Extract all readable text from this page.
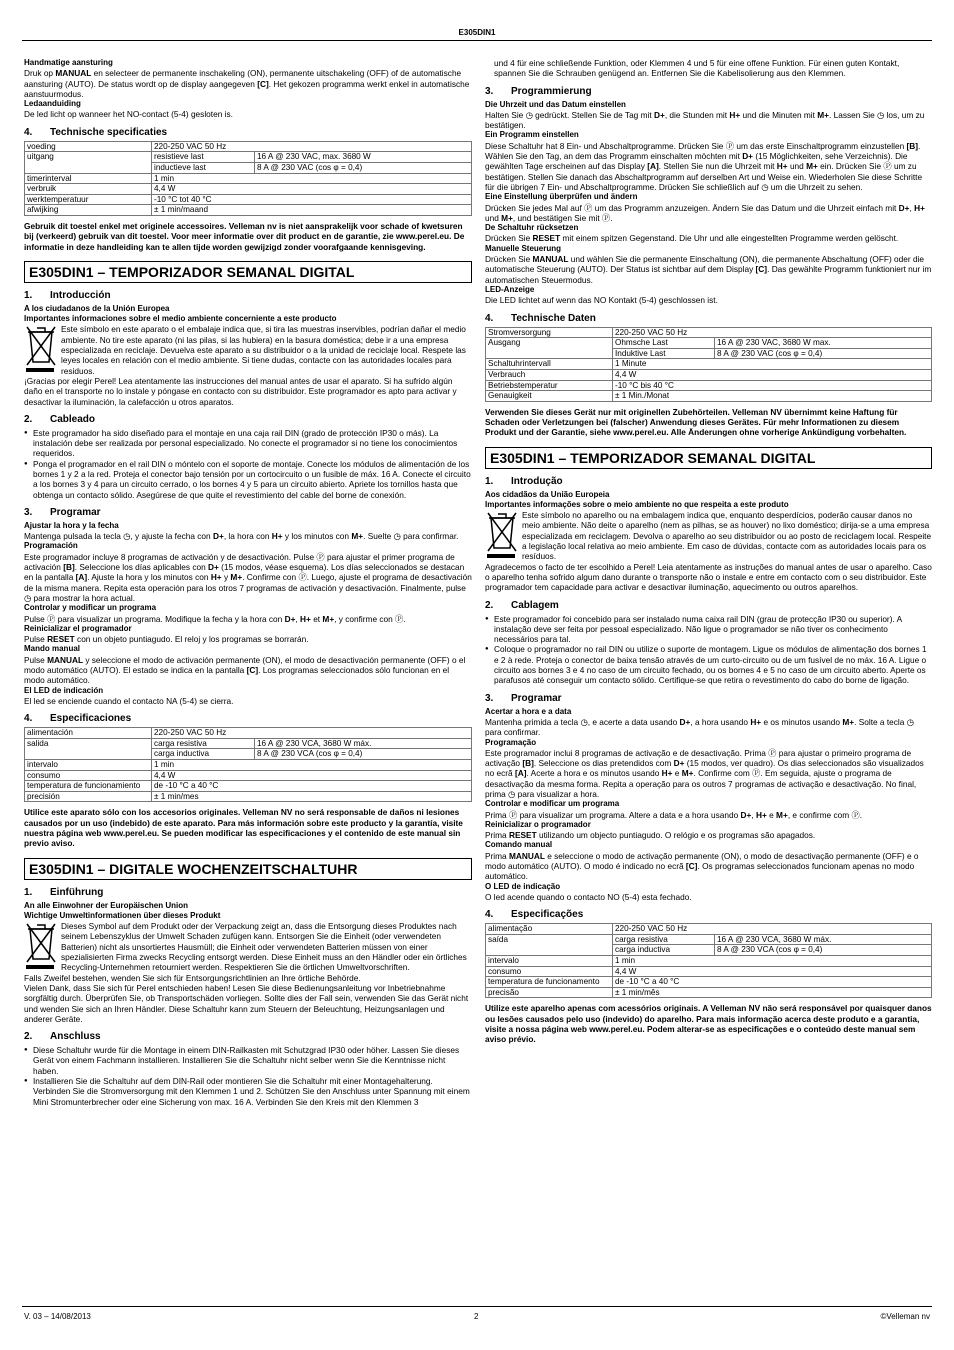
E305DIN1

Handmatige aansturing

Druk op MANUAL en selecteer de permanente inschakeling (ON), permanente uitschakeling (OFF) of de automatische aansturing (AUTO). De status wordt op de display aangegeven [C]. Het gekozen programma werkt enkel in automatische aanstuurmodus.

Ledaanduiding

De led licht op wanneer het NO-contact (5-4) gesloten is.

4. Technische specificaties
voeding	220-250 VAC 50 Hz	
uitgang	resistieve last	16 A @ 230 VAC, max. 3680 W
	inductieve last	8 A @ 230 VAC (cos φ = 0,4)
timerinterval	1 min	
verbruik	4,4 W	
werktemperatuur	-10 °C tot 40 °C	
afwijking	± 1 min/maand	

Gebruik dit toestel enkel met originele accessoires. Velleman nv is niet aansprakelijk voor schade of kwetsuren bij (verkeerd) gebruik van dit toestel. Voor meer informatie over dit product en de garantie, zie www.perel.eu. De informatie in deze handleiding kan te allen tijde worden gewijzigd zonder voorafgaande kennisgeving.

E305DIN1 – TEMPORIZADOR SEMANAL DIGITAL
1. Introducción

A los ciudadanos de la Unión Europea

Importantes informaciones sobre el medio ambiente concerniente a este producto

Este símbolo en este aparato o el embalaje indica que, si tira las muestras inservibles, podrían dañar el medio ambiente. No tire este aparato (ni las pilas, si las hubiera) en la basura doméstica; debe ir a una empresa especializada en reciclaje. Devuelva este aparato a su distribuidor o a la unidad de reciclaje local. Respete las leyes locales en relación con el medio ambiente. Si tiene dudas, contacte con las autoridades locales para residuos.

¡Gracias por elegir Perel! Lea atentamente las instrucciones del manual antes de usar el aparato. Si ha sufrido algún daño en el transporte no lo instale y póngase en contacto con su distribuidor. Este programador es apto para activar y desactivar la iluminación, la calefacción u otros aparatos.

2. Cableado
● Este programador ha sido diseñado para el montaje en una caja rail DIN (grado de protección IP30 o más). La instalación debe ser realizada por personal especializado. No conecte el programador si no tiene los conocimientos requeridos.
● Ponga el programador en el rail DIN o móntelo con el soporte de montaje. Conecte los módulos de alimentación de los bornes 1 y 2 a la red. Proteja el conector bajo tensión por un cortocircuito o un fusible de máx. 16 A. Conecte el circuito a los bornes 3 y 4 para un circuito cerrado, o los bornes 4 y 5 para un circuito abierto. Apriete los tornillos hasta que obtenga un contacto sólido. Asegúrese de que quite el revestimiento del cable del borne de conexión.
3. Programar

Ajustar la hora y la fecha

Mantenga pulsada la tecla ◷, y ajuste la fecha con D+, la hora con H+ y los minutos con M+. Suelte ◷ para confirmar.

Programación

Este programador incluye 8 programas de activación y de desactivación. Pulse Ⓟ para ajustar el primer programa de activación [B]. Seleccione los días aplicables con D+ (15 modos, véase esquema). Los días seleccionados se destacan en la pantalla [A]. Ajuste la hora y los minutos con H+ y M+. Confirme con Ⓟ. Luego, ajuste el programa de desactivación de la misma manera. Repita esta operación para los otros 7 programas de activación y desactivación. Finalmente, pulse ◷ para mostrar la hora actual.

Controlar y modificar un programa

Pulse Ⓟ para visualizar un programa. Modifique la fecha y la hora con D+, H+ et M+, y confirme con Ⓟ.

Reinicializar el programador

Pulse RESET con un objeto puntiagudo. El reloj y los programas se borrarán.

Mando manual

Pulse MANUAL y seleccione el modo de activación permanente (ON), el modo de desactivación permanente (OFF) o el modo automático (AUTO). El estado se indica en la pantalla [C]. Los programas seleccionados sólo funcionan en el modo automático.

El LED de indicación

El led se enciende cuando el contacto NA (5-4) se cierra.

4. Especificaciones
alimentación	220-250 VAC 50 Hz	
salida	carga resistiva	16 A @ 230 VCA, 3680 W máx.
	carga inductiva	8 A @ 230 VCA (cos φ = 0,4)
intervalo	1 min	
consumo	4,4 W	
temperatura de funcionamiento	de -10 °C a 40 °C	
precisión	± 1 min/mes	

Utilice este aparato sólo con los accesorios originales. Velleman NV no será responsable de daños ni lesiones causados por un uso (indebido) de este aparato. Para más información sobre este producto y la garantía, visite nuestra página web www.perel.eu. Se pueden modificar las especificaciones y el contenido de este manual sin previo aviso.

E305DIN1 – DIGITALE WOCHENZEITSCHALTUHR
1. Einführung

An alle Einwohner der Europäischen Union

Wichtige Umweltinformationen über dieses Produkt

Dieses Symbol auf dem Produkt oder der Verpackung zeigt an, dass die Entsorgung dieses Produktes nach seinem Lebenszyklus der Umwelt Schaden zufügen kann. Entsorgen Sie die Einheit (oder verwendeten Batterien) nicht als unsortiertes Hausmüll; die Einheit oder verwendeten Batterien müssen von einer spezialisierten Firma zwecks Recycling entsorgt werden. Diese Einheit muss an den Händler oder ein örtliches Recycling-Unternehmen retourniert werden. Respektieren Sie die örtlichen Umweltvorschriften.

Falls Zweifel bestehen, wenden Sie sich für Entsorgungsrichtlinien an Ihre örtliche Behörde.

Vielen Dank, dass Sie sich für Perel entschieden haben! Lesen Sie diese Bedienungsanleitung vor Inbetriebnahme sorgfältig durch. Überprüfen Sie, ob Transportschäden vorliegen. Sollte dies der Fall sein, verwenden Sie das Gerät nicht und wenden Sie sich an Ihren Händler. Diese Schaltuhr kann zum Steuern der Beleuchtung, Heizungsanlagen und anderer Geräte.

2. Anschluss
● Diese Schaltuhr wurde für die Montage in einem DIN-Railkasten mit Schutzgrad IP30 oder höher. Lassen Sie dieses Gerät von einem Fachmann installieren. Installieren Sie die Schaltuhr nicht selber wenn Sie die Kenntnisse nicht haben.
● Installieren Sie die Schaltuhr auf dem DIN-Rail oder montieren Sie die Schaltuhr mit einer Montagehalterung. Verbinden Sie die Stromversorgung mit den Klemmen 1 und 2. Schützen Sie den Anschluss unter Spannung mit einem Mini Stromunterbrecher oder eine Sicherung von max. 16 A. Verbinden Sie den Kreis mit den Klemmen 3

und 4 für eine schließende Funktion, oder Klemmen 4 und 5 für eine offene Funktion. Für einen guten Kontakt, spannen Sie die Schrauben genügend an. Entfernen Sie die Kabelisolierung aus den Klemmen.

3. Programmierung

Die Uhrzeit und das Datum einstellen

Halten Sie ◷ gedrückt. Stellen Sie de Tag mit D+, die Stunden mit H+ und die Minuten mit M+. Lassen Sie ◷ los, um zu bestätigen.

Ein Programm einstellen

Diese Schaltuhr hat 8 Ein- und Abschaltprogramme. Drücken Sie Ⓟ um das erste Einschaltprogramm einzustellen [B]. Wählen Sie den Tag, an dem das Programm einschalten möchten mit D+ (15 Möglichkeiten, sehe Verzeichnis). Die gewählten Tage erscheinen auf das Display [A]. Stellen Sie nun die Uhrzeit mit H+ und M+ ein. Drücken Sie Ⓟ um zu bestätigen. Stellen Sie danach das Abschaltprogramm auf derselben Art und Weise ein. Wiederholen Sie diese Schritte für die übrigen 7 Ein- und Abschaltprogramme. Drücken Sie schließlich auf ◷ um die Uhrzeit zu sehen.

Eine Einstellung überprüfen und ändern

Drücken Sie jedes Mal auf Ⓟ um das Programm anzuzeigen. Ändern Sie das Datum und die Uhrzeit einfach mit D+, H+ und M+, und bestätigen Sie mit Ⓟ.

De Schaltuhr rücksetzen

Drücken Sie RESET mit einem spitzen Gegenstand. Die Uhr und alle eingestellten Programme werden gelöscht.

Manuelle Steuerung

Drücken Sie MANUAL und wählen Sie die permanente Einschaltung (ON), die permanente Abschaltung (OFF) oder die automatische Steuerung (AUTO). Der Status ist sichtbar auf dem Display [C]. Das gewählte Programm funktioniert nur im automatischen Steuermodus.

LED-Anzeige

Die LED lichtet auf wenn das NO Kontakt (5-4) geschlossen ist.

4. Technische Daten
Stromversorgung	220-250 VAC 50 Hz	
Ausgang	Ohmsche Last	16 A @ 230 VAC, 3680 W max.
	Induktive Last	8 A @ 230 VAC (cos φ = 0,4)
Schaltuhrintervall	1 Minute	
Verbrauch	4,4 W	
Betriebstemperatur	-10 °C bis 40 °C	
Genauigkeit	± 1 Min./Monat	

Verwenden Sie dieses Gerät nur mit originellen Zubehörteilen. Velleman NV übernimmt keine Haftung für Schaden oder Verletzungen bei (falscher) Anwendung dieses Gerätes. Für mehr Informationen zu diesem Produkt und der Garantie, siehe www.perel.eu. Alle Änderungen ohne vorherige Ankündigung vorbehalten.

E305DIN1 – TEMPORIZADOR SEMANAL DIGITAL
1. Introdução

Aos cidadãos da União Europeia

Importantes informações sobre o meio ambiente no que respeita a este produto

Este símbolo no aparelho ou na embalagem indica que, enquanto desperdícios, poderão causar danos no meio ambiente. Não deite o aparelho (nem as pilhas, se as houver) no lixo doméstico; dirija-se a uma empresa especializada em reciclagem. Devolva o aparelho ao seu distribuidor ou ao posto de reciclagem local. Respeite a legislação local relativa ao meio ambiente. Em caso de dúvidas, contacte com as autoridades locais para os resíduos.

Agradecemos o facto de ter escolhido a Perel! Leia atentamente as instruções do manual antes de usar o aparelho. Caso o aparelho tenha sofrido algum dano durante o transporte não o instale e entre em contacto com o seu distribuidor. Este programador tem capacidade para activar e desactivar iluminação, aquecimento ou outros aparelhos.

2. Cablagem
● Este programador foi concebido para ser instalado numa caixa rail DIN (grau de protecção IP30 ou superior). A instalação deve ser feita por pessoal especializado. Não ligue o programador se não tiver os conhecimento necessários para tal.
● Coloque o programador no rail DIN ou utilize o suporte de montagem. Ligue os módulos de alimentação dos bornes 1 e 2 à rede. Proteja o conector de baixa tensão através de um curto-circuito ou de um fusível de no máx. 16 A. Ligue o circuito aos bornes 3 e 4 no caso de um circuito fechado, ou os bornes 4 e 5 no caso de um circuito aberto. Aperte os parafusos até conseguir um contacto sólido. Certifique-se que retira o revestimento do cabo do borne de ligação.
3. Programar

Acertar a hora e a data

Mantenha primida a tecla ◷, e acerte a data usando D+, a hora usando H+ e os minutos usando M+. Solte a tecla ◷ para confirmar.

Programação

Este programador inclui 8 programas de activação e de desactivação. Prima Ⓟ para ajustar o primeiro programa de activação [B]. Seleccione os dias pretendidos com D+ (15 modos, ver quadro). Os dias seleccionados são visualizados no ecrã [A]. Acerte a hora e os minutos usando H+ e M+. Confirme com Ⓟ. Em seguida, ajuste o programa de desactivação da mesma forma. Repita a operação para os outros 7 programas de activação e desactivação. No final, prima ◷ para visualizar a hora.

Controlar e modificar um programa

Prima Ⓟ para visualizar um programa. Altere a data e a hora usando D+, H+ e M+, e confirme com Ⓟ.

Reinicializar o programador

Prima RESET utilizando um objecto puntiagudo. O relógio e os programas são apagados.

Comando manual

Prima MANUAL e seleccione o modo de activação permanente (ON), o modo de desactivação permanente (OFF) e o modo automático (AUTO). O modo é indicado no ecrã [C]. Os programas seleccionados funcionam apenas no modo automático.

O LED de indicação

O led acende quando o contacto NO (5-4) esta fechado.

4. Especificações
alimentação	220-250 VAC 50 Hz	
saída	carga resistiva	16 A @ 230 VCA, 3680 W máx.
	carga inductiva	8 A @ 230 VCA (cos φ = 0,4)
intervalo	1 min	
consumo	4,4 W	
temperatura de funcionamento	de -10 °C a 40 °C	
precisão	± 1 min/mês	

Utilize este aparelho apenas com acessórios originais. A Velleman NV não será responsável por quaisquer danos ou lesões causados pelo uso (indevido) do aparelho. Para mais informação acerca deste produto e a garantia, visite a nossa página web www.perel.eu. Podem alterar-se as especificações e o conteúdo deste manual sem aviso prévio.

V. 03 – 14/08/2013	2	©Velleman nv
